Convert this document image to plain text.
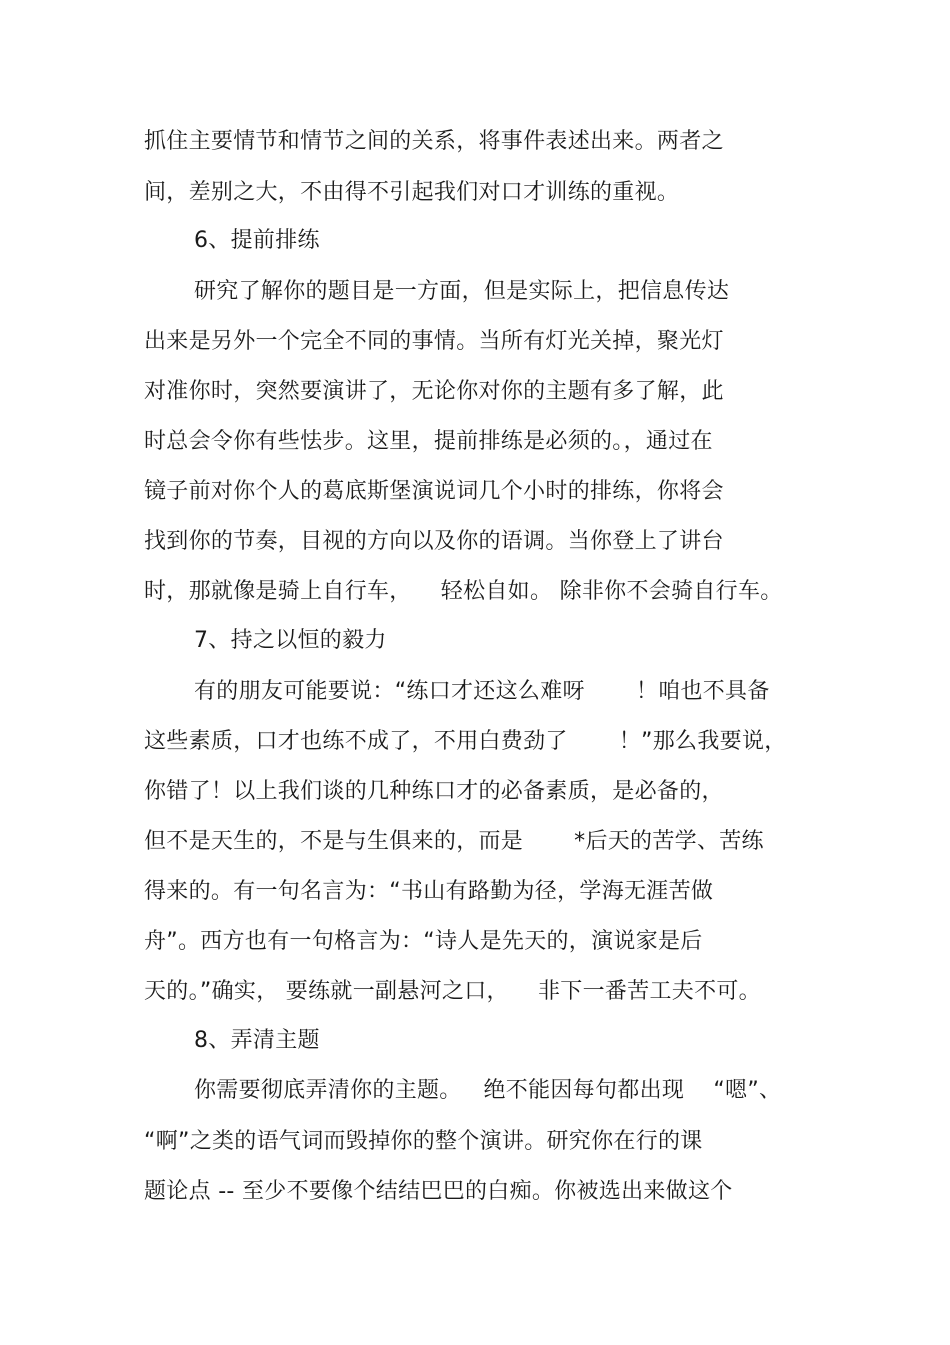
抓住主要情节和情节之间的关系，将事件表述出来。两者之
间，差别之大，不由得不引起我们对口才训练的重视。
6、提前排练
研究了解你的题目是一方面，但是实际上，把信息传达
出来是另外一个完全不同的事情。当所有灯光关掉，聚光灯
对准你时，突然要演讲了，无论你对你的主题有多了解，此
时总会令你有些怯步。这里，提前排练是必须的。，通过在
镜子前对你个人的葛底斯堡演说词几个小时的排练，你将会
找到你的节奏，目视的方向以及你的语调。当你登上了讲台
时，那就像是骑上自行车，    轻松自如。 除非你不会骑自行车。
7、持之以恒的毅力
有的朋友可能要说：“练口才还这么难呀       ！咱也不具备
这些素质，口才也练不成了，不用白费劲了       ！”那么我要说，
你错了！以上我们谈的几种练口才的必备素质，是必备的，
但不是天生的，不是与生俱来的，而是       *后天的苦学、苦练
得来的。有一句名言为：“书山有路勤为径，学海无涯苦做
舟”。西方也有一句格言为：“诗人是先天的，演说家是后
天的。”确实， 要练就一副悬河之口，    非下一番苦工夫不可。
8、弄清主题
你需要彻底弄清你的主题。   绝不能因每句都出现    “嗯”、
“啊”之类的语气词而毁掉你的整个演讲。研究你在行的课
题论点 -- 至少不要像个结结巴巴的白痴。你被选出来做这个
